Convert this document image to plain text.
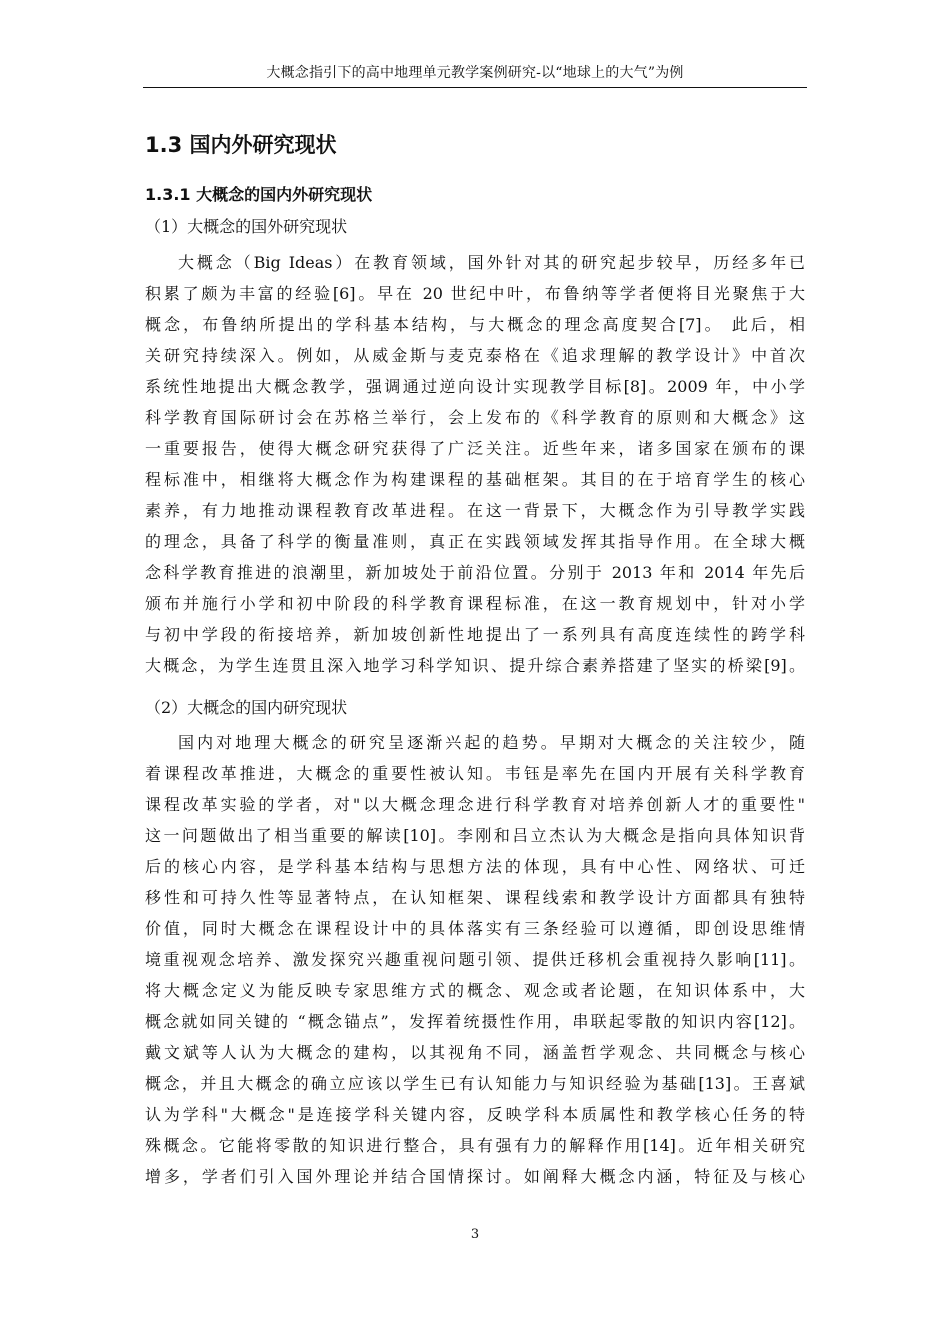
大概念指引下的高中地理单元教学案例研究-以“地球上的大气”为例
1.3 国内外研究现状
1.3.1 大概念的国内外研究现状
（1）大概念的国外研究现状
大概念（Big Ideas）在教育领域，国外针对其的研究起步较早，历经多年已
积累了颇为丰富的经验[6]。早在 20 世纪中叶，布鲁纳等学者便将目光聚焦于大
概念，布鲁纳所提出的学科基本结构，与大概念的理念高度契合[7]。 此后，相
关研究持续深入。例如，从威金斯与麦克泰格在《追求理解的教学设计》中首次
系统性地提出大概念教学，强调通过逆向设计实现教学目标[8]。2009 年，中小学
科学教育国际研讨会在苏格兰举行，会上发布的《科学教育的原则和大概念》这
一重要报告，使得大概念研究获得了广泛关注。近些年来，诸多国家在颁布的课
程标准中，相继将大概念作为构建课程的基础框架。其目的在于培育学生的核心
素养，有力地推动课程教育改革进程。在这一背景下，大概念作为引导教学实践
的理念，具备了科学的衡量准则，真正在实践领域发挥其指导作用。在全球大概
念科学教育推进的浪潮里，新加坡处于前沿位置。分别于 2013 年和 2014 年先后
颁布并施行小学和初中阶段的科学教育课程标准，在这一教育规划中，针对小学
与初中学段的衔接培养，新加坡创新性地提出了一系列具有高度连续性的跨学科
大概念，为学生连贯且深入地学习科学知识、提升综合素养搭建了坚实的桥梁[9]。
（2）大概念的国内研究现状
国内对地理大概念的研究呈逐渐兴起的趋势。早期对大概念的关注较少，随
着课程改革推进，大概念的重要性被认知。韦钰是率先在国内开展有关科学教育
课程改革实验的学者，对"以大概念理念进行科学教育对培养创新人才的重要性"
这一问题做出了相当重要的解读[10]。李刚和吕立杰认为大概念是指向具体知识背
后的核心内容，是学科基本结构与思想方法的体现，具有中心性、网络状、可迁
移性和可持久性等显著特点，在认知框架、课程线索和教学设计方面都具有独特
价值，同时大概念在课程设计中的具体落实有三条经验可以遵循，即创设思维情
境重视观念培养、激发探究兴趣重视问题引领、提供迁移机会重视持久影响[11]。
将大概念定义为能反映专家思维方式的概念、观念或者论题，在知识体系中，大
概念就如同关键的 “概念锚点”，发挥着统摄性作用，串联起零散的知识内容[12]。
戴文斌等人认为大概念的建构，以其视角不同，涵盖哲学观念、共同概念与核心
概念，并且大概念的确立应该以学生已有认知能力与知识经验为基础[13]。王喜斌
认为学科"大概念"是连接学科关键内容，反映学科本质属性和教学核心任务的特
殊概念。它能将零散的知识进行整合，具有强有力的解释作用[14]。近年相关研究
增多，学者们引入国外理论并结合国情探讨。如阐释大概念内涵，特征及与核心
3
